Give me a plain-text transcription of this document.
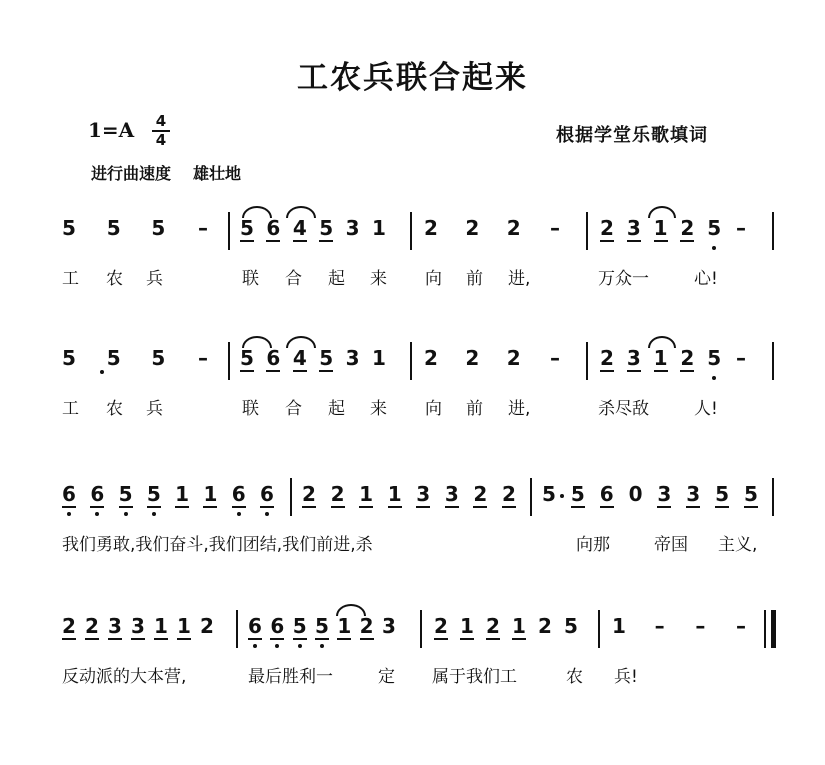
工农兵联合起来
1=A 4
4	根据学堂乐歌填词
进行曲速度 雄壮地
5 5 5 – 5 6 4 5 3 1 2 2 2 – 2 3 1 2 5 –
工 农 兵	联 合 起 来 向 前 进,	万众一	心!
5 5 5 – 5 6 4 5 3 1 2 2 2 – 2 3 1 2 5 –
工 农 兵	联 合 起 来 向 前 进,	杀尽敌	人!
6 6 5 5 1 1 6 6 2 2 1 1 3 3 2 2 5 5 6 0 3 3 5 5
我们勇敢,我们奋斗,我们团结,我们前进,杀	向那	帝国 主义,
2 2 3 3 1 1 2 6 6 5 5 1 2 3 2 1 2 1 2 5 1 – – –
反动派的大本营,	最后胜利一	定 属于我们工	农 兵!
